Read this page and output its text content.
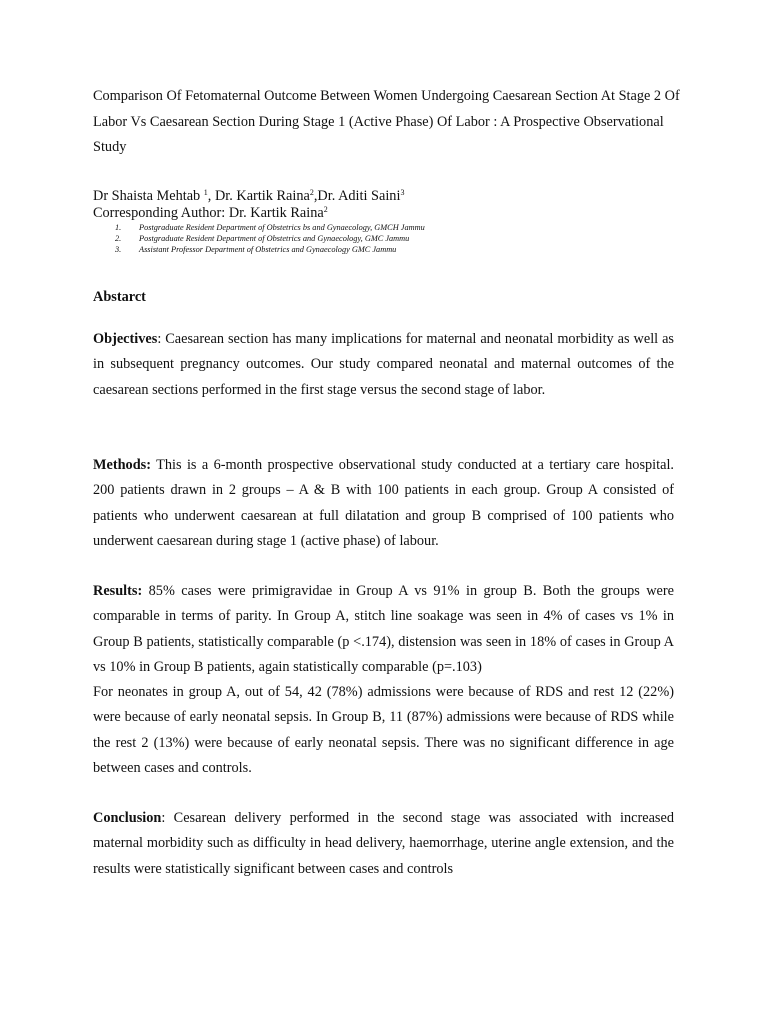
Comparison Of Fetomaternal Outcome Between Women Undergoing Caesarean Section At Stage 2 Of Labor Vs Caesarean Section During Stage 1 (Active Phase) Of Labor : A Prospective Observational Study
Dr Shaista Mehtab $^1$, Dr. Kartik Raina$^2$,Dr. Aditi Saini$^3$
Corresponding Author: Dr. Kartik Raina$^2$
1. Postgraduate Resident Department of Obstetrics bs and Gynaecology, GMCH Jammu
2. Postgraduate Resident Department of Obstetrics and Gynaecology, GMC Jammu
3. Assistant Professor Department of Obstetrics and Gynaecology GMC Jammu
Abstarct

Objectives: Caesarean section has many implications for maternal and neonatal morbidity as well as in subsequent pregnancy outcomes. Our study compared neonatal and maternal outcomes of the caesarean sections performed in the first stage versus the second stage of labor.

Methods: This is a 6-month prospective observational study conducted at a tertiary care hospital. 200 patients drawn in 2 groups – A & B with 100 patients in each group. Group A consisted of patients who underwent caesarean at full dilatation and group B comprised of 100 patients who underwent caesarean during stage 1 (active phase) of labour.

Results: 85% cases were primigravidae in Group A vs 91% in group B. Both the groups were comparable in terms of parity. In Group A, stitch line soakage was seen in 4% of cases vs 1% in Group B patients, statistically comparable (p <.174), distension was seen in 18% of cases in Group A vs 10% in Group B patients, again statistically comparable (p=.103)

For neonates in group A, out of 54, 42 (78%) admissions were because of RDS and rest 12 (22%) were because of early neonatal sepsis. In Group B, 11 (87%) admissions were because of RDS while the rest 2 (13%) were because of early neonatal sepsis. There was no significant difference in age between cases and controls.

Conclusion: Cesarean delivery performed in the second stage was associated with increased maternal morbidity such as difficulty in head delivery, haemorrhage, uterine angle extension, and the results were statistically significant between cases and controls
